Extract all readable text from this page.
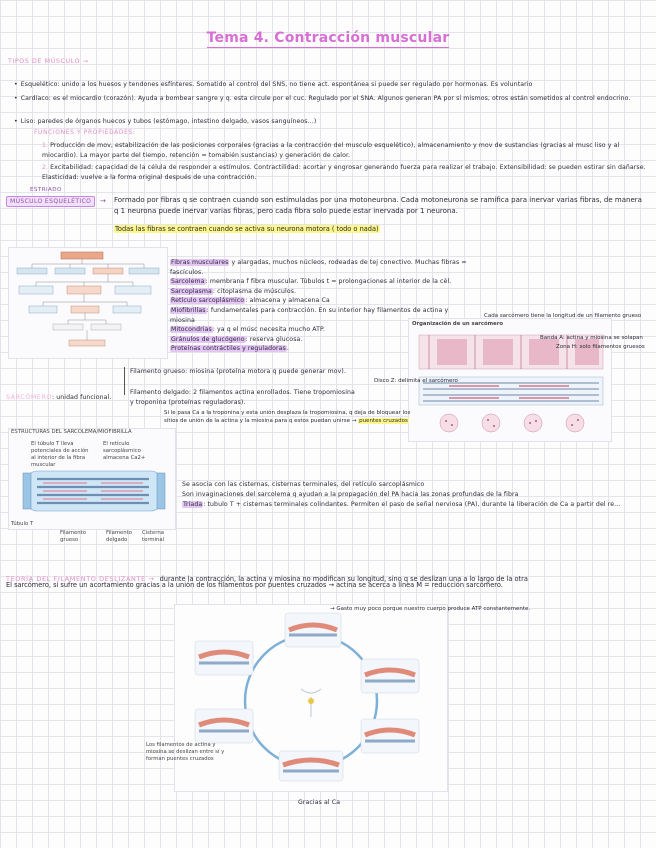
Tema 4. Contracción muscular
TIPOS DE MÚSCULO →
• Esquelético: unido a los huesos y tendones esfínteres. Somatido al control del SNS, no tiene act. espontánea si puede ser regulado por hormonas. Es voluntario
• Cardíaco: es el miocardio (corazón). Ayuda a bombear sangre y q. esta circule por el cuc. Regulado por el SNA. Algunos generan PA por sí mismos, otros están sometidos al control endocrino.
• Liso: paredes de órganos huecos y tubos (estómago, intestino delgado, vasos sanguíneos...)
FUNCIONES Y PROPIEDADES:
1. Producción de mov, estabilización de las posiciones corporales (gracias a la contracción del musculo esquelético), almacenamiento y mov de sustancias (gracias al musc liso y al miocardio). La mayor parte del tiempo, retención = tomabién sustancias) y generación de calor.
2. Excitabilidad: capacidad de la célula de responder a estímulos. Contractilidad: acortar y engrosar generando fuerza para realizar el trabajo. Extensibilidad: se pueden estirar sin dañarse. Elasticidad: vuelve a la forma original después de una contracción.
ESTRIADO
MÚSCULO ESQUELÉTICO	→ Formado por fibras q se contraen cuando son estimuladas por una motoneurona. Cada motoneurona se ramifica para inervar varias fibras, de manera q 1 neurona puede inervar varias fibras, pero cada fibra solo puede estar inervada por 1 neurona.
Todas las fibras se contraen cuando se activa su neurona motora ( todo o nada)
Fibras musculares y alargadas, muchos núcleos, rodeadas de tej conectivo. Muchas fibras = fascículos.
Sarcolema: membrana f fibra muscular. Túbulos t = prolongaciones al interior de la cél.
Sarcoplasma: citoplasma de músculos.
Retículo sarcoplásmico: almacena y almacena Ca
Miofibrillas: fundamentales para contracción. En su interior hay filamentos de actina y miosina
Mitocondrias: ya q el músc necesita mucho ATP.
Gránulos de glucógeno: reserva glucosa.
Proteínas contráctiles y reguladoras.
Organización de un sarcómero
Cada sarcómero tiene la longitud de un filamento grueso
Banda A: actina y miosina se solapan
Zona H: solo filamentos gruesos
Disco Z: delimita el sarcómero
SARCÓMERO: unidad funcional.
Filamento grueso: miosina (proteína motora q puede generar mov).
Filamento delgado: 2 filamentos actina enrollados. Tiene tropomiosina y troponina (proteínas reguladoras).
Si le pasa Ca a la troponina y esta unión desplaza la tropomiosina, q deja de bloquear los sitios de unión de la actina y la miosina para q estos puedan unirse → puentes cruzados
ESTRUCTURAS DEL SARCOLEMA/MIOFIBRILLA
El túbulo T lleva potenciales de acción al interior de la fibra muscular
El retículo sarcoplásmico almacena Ca2+
Túbulo T
Filamento grueso
Filamento delgado
Cisterna terminal
Se asocia con las cisternas, cisternas terminales, del retículo sarcoplásmico
Son invaginaciones del sarcolema q ayudan a la propagación del PA hacia las zonas profundas de la fibra
Tríada: tubulo T + cisternas terminales colindantes. Permiten el paso de señal nerviosa (PA), durante la liberación de Ca a partir del re...
TEORÍA DEL FILAMENTO DESLIZANTE → durante la contracción, la actina y miosina no modifican su longitud, sino q se deslizan una a lo largo de la otra
El sarcómero, si sufre un acortamiento gracias a la unión de los filamentos por puentes cruzados → actina se acerca a línea M = reducción sarcómero.
→ Gasto muy poco porque nuestro cuerpo produce ATP constantemente.
Los filamentos de actina y miosina se deslizan entre sí y forman puentes cruzados
Gracias al Ca
